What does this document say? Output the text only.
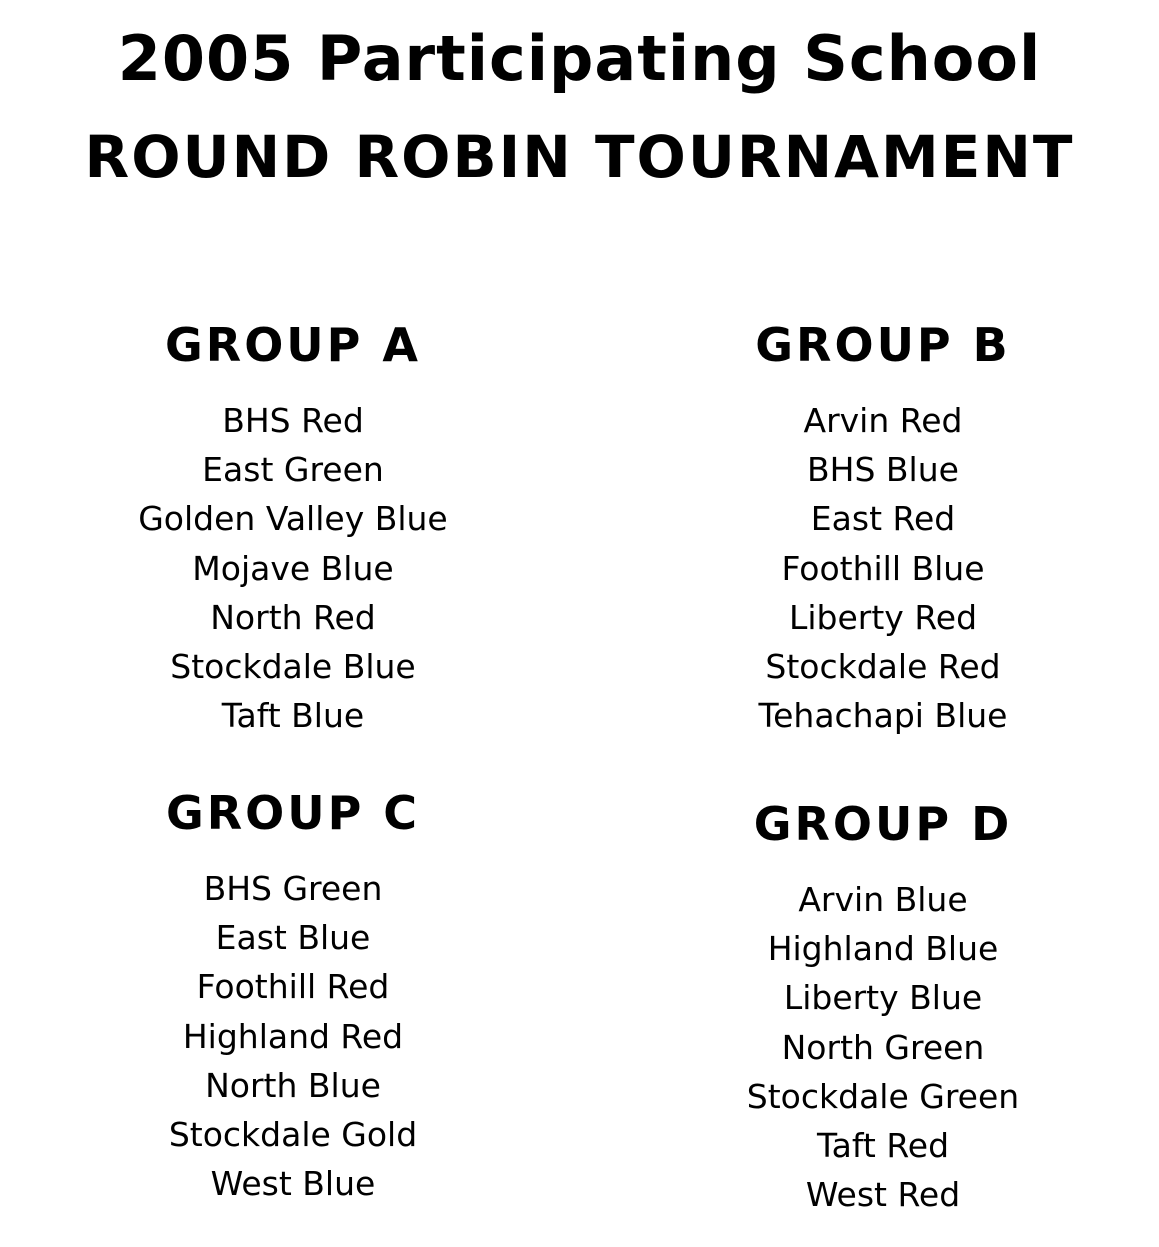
2005 Participating School
ROUND ROBIN TOURNAMENT
GROUP A
BHS Red
East Green
Golden Valley Blue
Mojave Blue
North Red
Stockdale Blue
Taft Blue
GROUP B
Arvin Red
BHS Blue
East Red
Foothill Blue
Liberty Red
Stockdale Red
Tehachapi Blue
GROUP C
BHS Green
East Blue
Foothill Red
Highland Red
North Blue
Stockdale Gold
West Blue
GROUP D
Arvin Blue
Highland Blue
Liberty Blue
North Green
Stockdale Green
Taft Red
West Red
